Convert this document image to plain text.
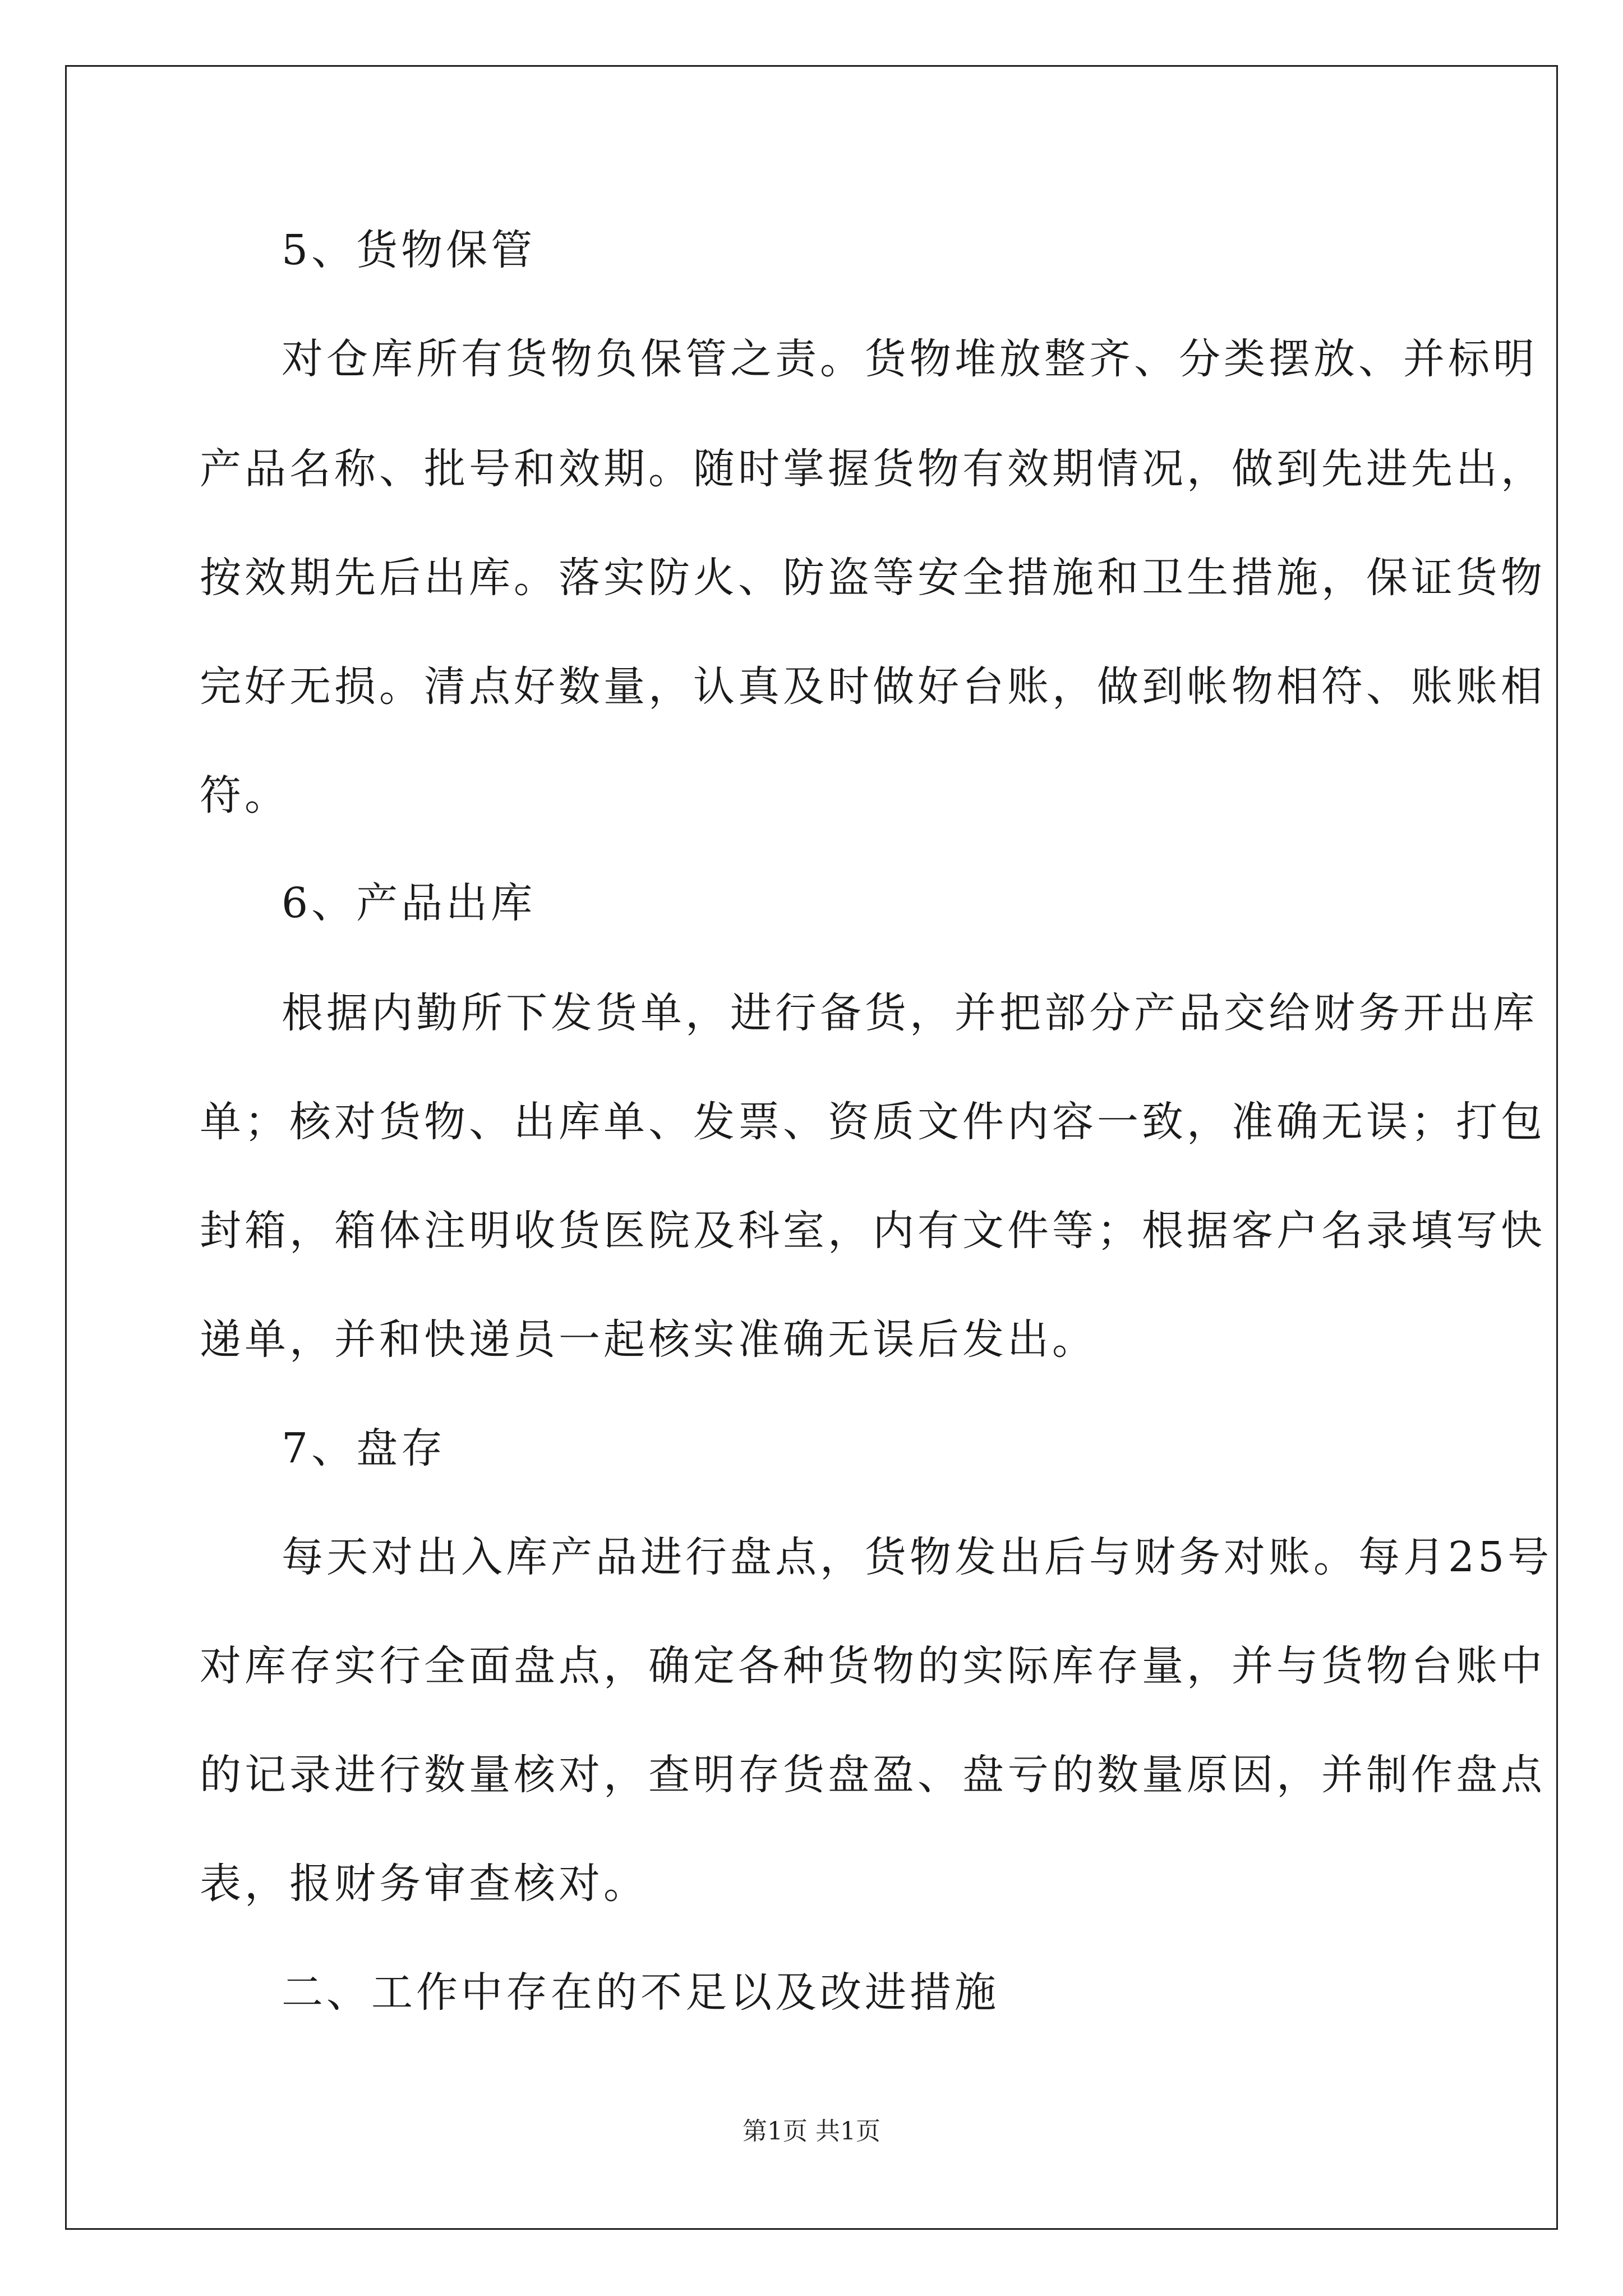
5、货物保管
对仓库所有货物负保管之责。货物堆放整齐、分类摆放、并标明
产品名称、批号和效期。随时掌握货物有效期情况，做到先进先出，
按效期先后出库。落实防火、防盗等安全措施和卫生措施，保证货物
完好无损。清点好数量，认真及时做好台账，做到帐物相符、账账相
符。
6、产品出库
根据内勤所下发货单，进行备货，并把部分产品交给财务开出库
单；核对货物、出库单、发票、资质文件内容一致，准确无误；打包
封箱，箱体注明收货医院及科室，内有文件等；根据客户名录填写快
递单，并和快递员一起核实准确无误后发出。
7、盘存
每天对出入库产品进行盘点，货物发出后与财务对账。每月25号
对库存实行全面盘点，确定各种货物的实际库存量，并与货物台账中
的记录进行数量核对，查明存货盘盈、盘亏的数量原因，并制作盘点
表，报财务审查核对。
二、工作中存在的不足以及改进措施
第1页 共1页
